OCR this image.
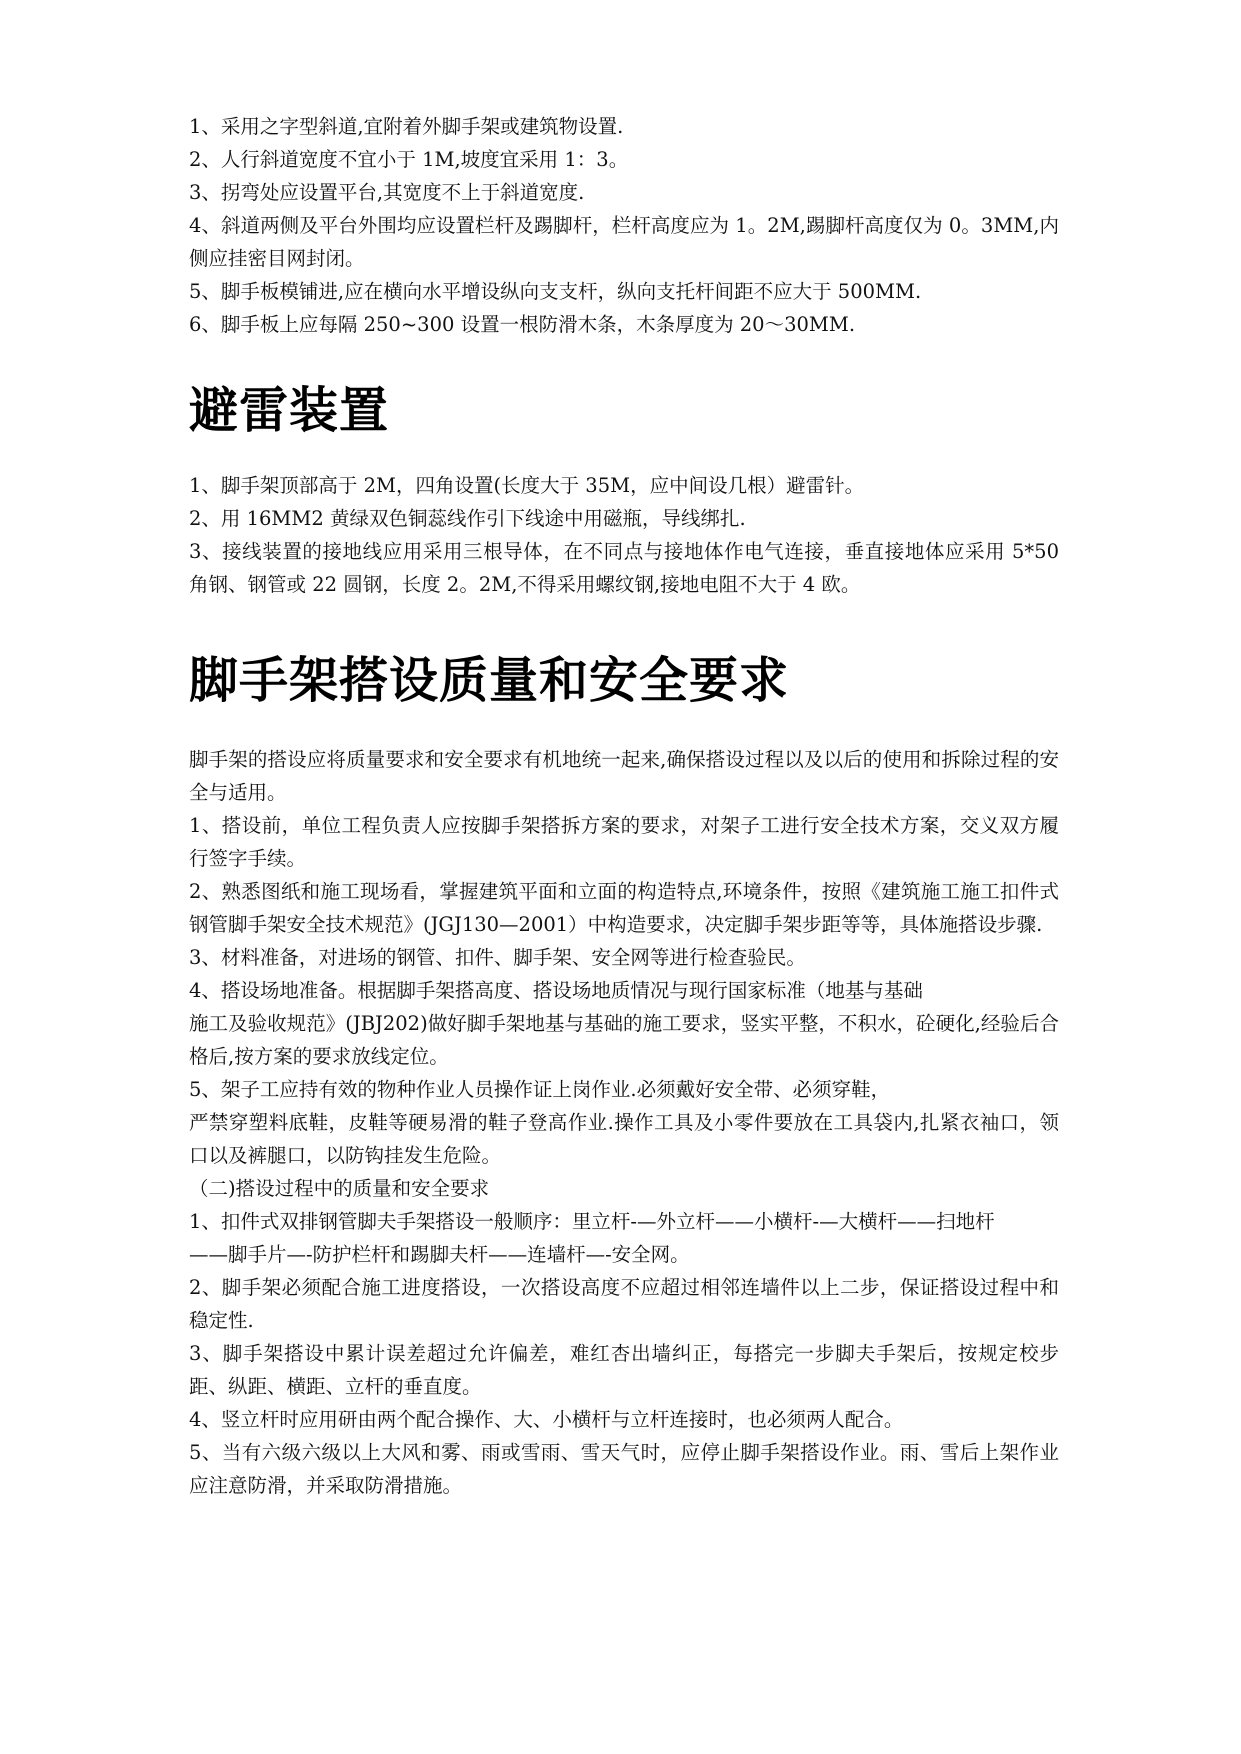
1、采用之字型斜道,宜附着外脚手架或建筑物设置.

2、人行斜道宽度不宜小于 1M,坡度宜采用 1：3。

3、拐弯处应设置平台,其宽度不上于斜道宽度.

4、斜道两侧及平台外围均应设置栏杆及踢脚杆，栏杆高度应为 1。2M,踢脚杆高度仅为 0。3MM,内侧应挂密目网封闭。

5、脚手板模铺进,应在横向水平增设纵向支支杆，纵向支托杆间距不应大于 500MM.

6、脚手板上应每隔 250~300 设置一根防滑木条，木条厚度为 20～30MM.

避雷装置

1、脚手架顶部高于 2M，四角设置(长度大于 35M，应中间设几根）避雷针。

2、用 16MM2 黄绿双色铜蕊线作引下线途中用磁瓶，导线绑扎.

3、接线装置的接地线应用采用三根导体，在不同点与接地体作电气连接，垂直接地体应采用 5*50 角钢、钢管或 22 圆钢，长度 2。2M,不得采用螺纹钢,接地电阻不大于 4 欧。

脚手架搭设质量和安全要求

脚手架的搭设应将质量要求和安全要求有机地统一起来,确保搭设过程以及以后的使用和拆除过程的安全与适用。

1、搭设前，单位工程负责人应按脚手架搭拆方案的要求，对架子工进行安全技术方案，交义双方履行签字手续。

2、熟悉图纸和施工现场看，掌握建筑平面和立面的构造特点,环境条件，按照《建筑施工施工扣件式钢管脚手架安全技术规范》(JGJ130—2001）中构造要求，决定脚手架步距等等，具体施搭设步骤.

3、材料准备，对进场的钢管、扣件、脚手架、安全网等进行检查验民。

4、搭设场地准备。根据脚手架搭高度、搭设场地质情况与现行国家标准（地基与基础

施工及验收规范》(JBJ202)做好脚手架地基与基础的施工要求，竖实平整，不积水，砼硬化,经验后合格后,按方案的要求放线定位。

5、架子工应持有效的物种作业人员操作证上岗作业.必须戴好安全带、必须穿鞋，

严禁穿塑料底鞋，皮鞋等硬易滑的鞋子登高作业.操作工具及小零件要放在工具袋内,扎紧衣袖口，领口以及裤腿口，以防钩挂发生危险。

（二)搭设过程中的质量和安全要求

1、扣件式双排钢管脚夫手架搭设一般顺序：里立杆-—外立杆——小横杆-—大横杆——扫地杆

——脚手片—-防护栏杆和踢脚夫杆——连墙杆—-安全网。

2、脚手架必须配合施工进度搭设，一次搭设高度不应超过相邻连墙件以上二步，保证搭设过程中和稳定性.

3、脚手架搭设中累计误差超过允许偏差，难红杏出墙纠正，每搭完一步脚夫手架后，按规定校步距、纵距、横距、立杆的垂直度。

4、竖立杆时应用研由两个配合操作、大、小横杆与立杆连接时，也必须两人配合。

5、当有六级六级以上大风和雾、雨或雪雨、雪天气时，应停止脚手架搭设作业。雨、雪后上架作业应注意防滑，并采取防滑措施。
